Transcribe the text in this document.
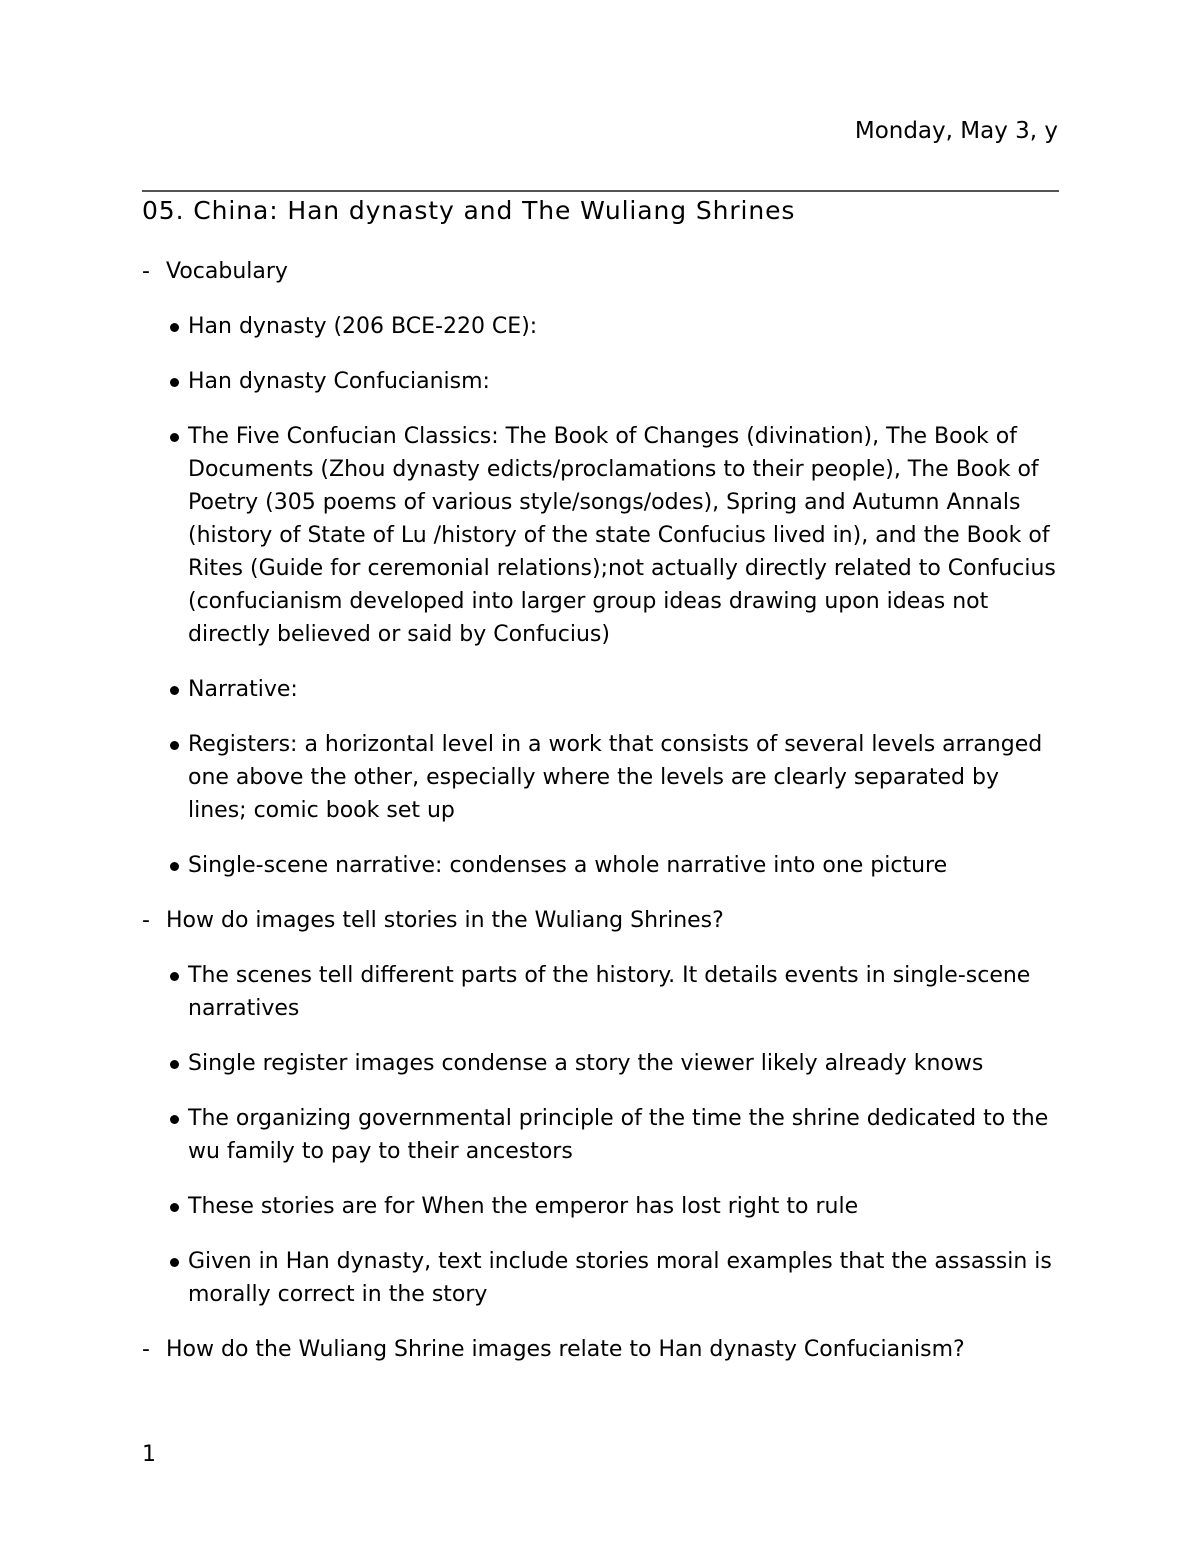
Monday, May 3, y
05. China: Han dynasty and The Wuliang Shrines
- Vocabulary
Han dynasty (206 BCE-220 CE):
Han dynasty Confucianism:
The Five Confucian Classics: The Book of Changes (divination), The Book of Documents (Zhou dynasty edicts/proclamations to their people), The Book of Poetry (305 poems of various style/songs/odes), Spring and Autumn Annals (history of State of Lu /history of the state Confucius lived in), and the Book of Rites (Guide for ceremonial relations);not actually directly related to Confucius (confucianism developed into larger group ideas drawing upon ideas not directly believed or said by Confucius)
Narrative:
Registers: a horizontal level in a work that consists of several levels arranged one above the other, especially where the levels are clearly separated by lines; comic book set up
Single-scene narrative: condenses a whole narrative into one picture
- How do images tell stories in the Wuliang Shrines?
The scenes tell different parts of the history. It details events in single-scene narratives
Single register images condense a story the viewer likely already knows
The organizing governmental principle of the time the shrine dedicated to the wu family to pay to their ancestors
These stories are for When the emperor has lost right to rule
Given in Han dynasty, text include stories moral examples that the assassin is morally correct in the story
- How do the Wuliang Shrine images relate to Han dynasty Confucianism?
1
